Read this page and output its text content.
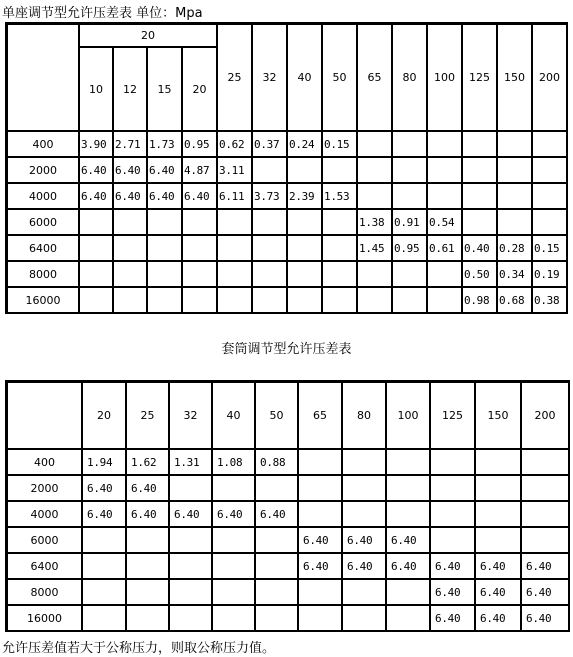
单座调节型允许压差表 单位：Mpa
	20				25	32	40	50	65	80	100	125	150	200
	10	12	15	20										
400	3.90	2.71	1.73	0.95	0.62	0.37	0.24	0.15						
2000	6.40	6.40	6.40	4.87	3.11									
4000	6.40	6.40	6.40	6.40	6.11	3.73	2.39	1.53						
6000									1.38	0.91	0.54			
6400									1.45	0.95	0.61	0.40	0.28	0.15
8000												0.50	0.34	0.19
16000												0.98	0.68	0.38
套筒调节型允许压差表
	20	25	32	40	50	65	80	100	125	150	200
400	1.94	1.62	1.31	1.08	0.88						
2000	6.40	6.40									
4000	6.40	6.40	6.40	6.40	6.40						
6000						6.40	6.40	6.40			
6400						6.40	6.40	6.40	6.40	6.40	6.40
8000									6.40	6.40	6.40
16000									6.40	6.40	6.40
允许压差值若大于公称压力，则取公称压力值。
